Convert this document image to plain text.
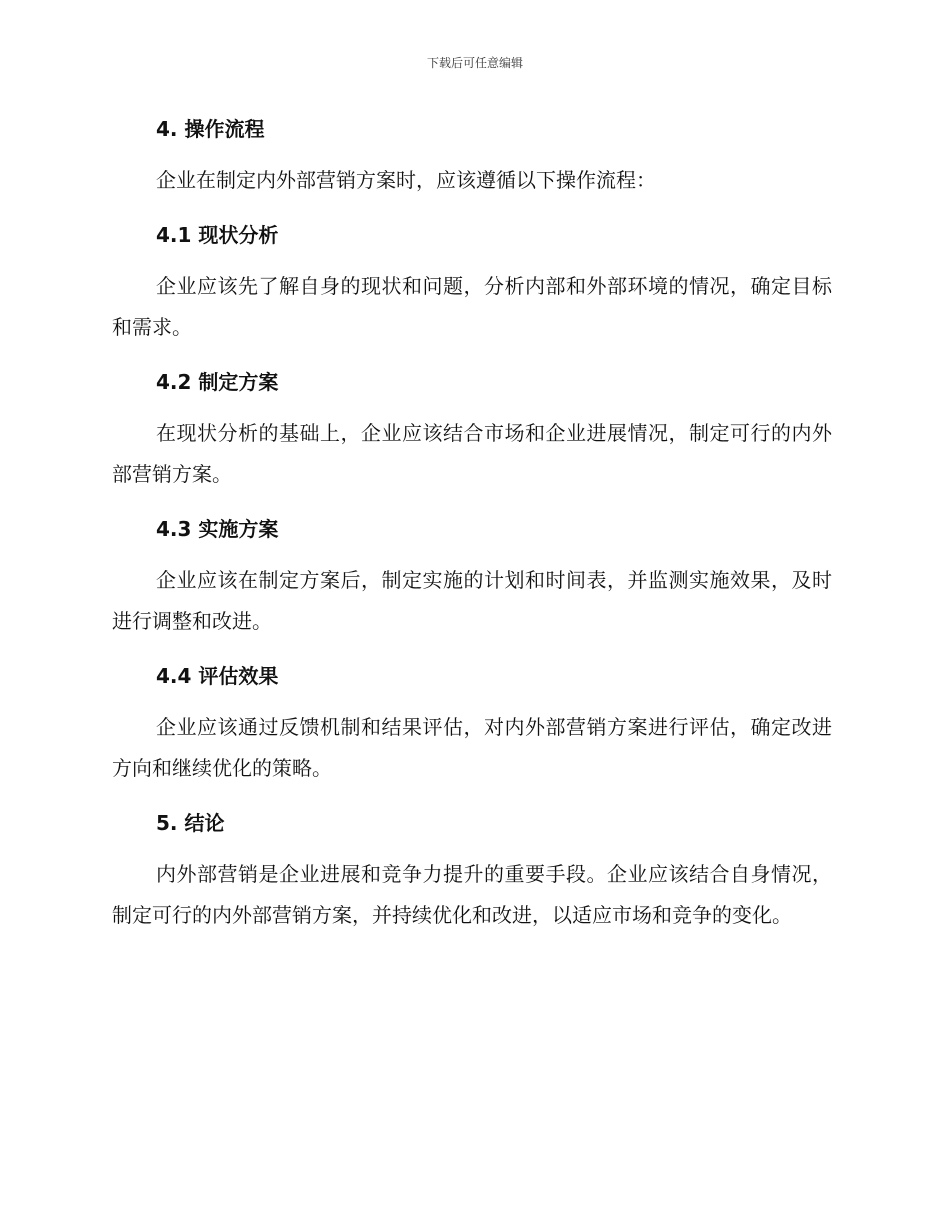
下载后可任意编辑
4. 操作流程

企业在制定内外部营销方案时，应该遵循以下操作流程：

4.1 现状分析

企业应该先了解自身的现状和问题，分析内部和外部环境的情况，确定目标和需求。

4.2 制定方案

在现状分析的基础上，企业应该结合市场和企业进展情况，制定可行的内外部营销方案。

4.3 实施方案

企业应该在制定方案后，制定实施的计划和时间表，并监测实施效果，及时进行调整和改进。

4.4 评估效果

企业应该通过反馈机制和结果评估，对内外部营销方案进行评估，确定改进方向和继续优化的策略。

5. 结论

内外部营销是企业进展和竞争力提升的重要手段。企业应该结合自身情况，制定可行的内外部营销方案，并持续优化和改进，以适应市场和竞争的变化。
